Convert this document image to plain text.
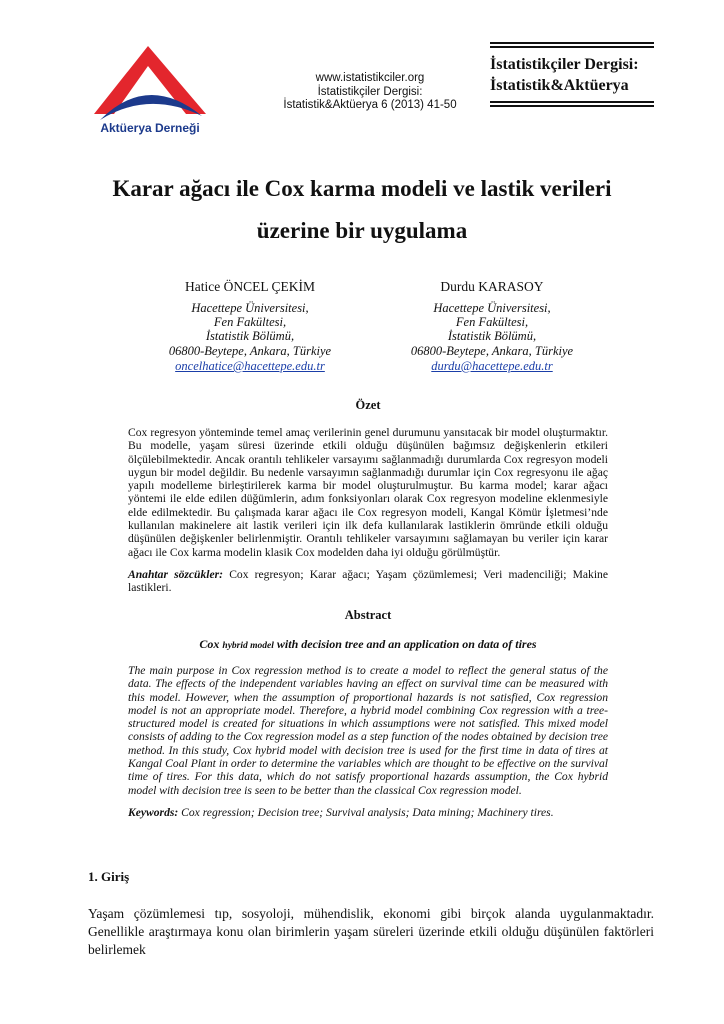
Aktüerya Derneği
www.istatistikciler.org
İstatistikçiler Dergisi:
İstatistik&Aktüerya 6 (2013) 41-50
İstatistikçiler Dergisi:
İstatistik&Aktüerya
Karar ağacı ile Cox karma modeli ve lastik verileri
üzerine bir uygulama
Hatice ÖNCEL ÇEKİM
Hacettepe Üniversitesi,
Fen Fakültesi,
İstatistik Bölümü,
06800-Beytepe, Ankara, Türkiye
oncelhatice@hacettepe.edu.tr
Durdu KARASOY
Hacettepe Üniversitesi,
Fen Fakültesi,
İstatistik Bölümü,
06800-Beytepe, Ankara, Türkiye
durdu@hacettepe.edu.tr
Özet
Cox regresyon yönteminde temel amaç verilerinin genel durumunu yansıtacak bir model oluşturmaktır. Bu modelle, yaşam süresi üzerinde etkili olduğu düşünülen bağımsız değişkenlerin etkileri ölçülebilmektedir. Ancak orantılı tehlikeler varsayımı sağlanmadığı durumlarda Cox regresyon modeli uygun bir model değildir. Bu nedenle varsayımın sağlanmadığı durumlar için Cox regresyonu ile ağaç yapılı modelleme birleştirilerek karma bir model oluşturulmuştur. Bu karma model; karar ağacı yöntemi ile elde edilen düğümlerin, adım fonksiyonları olarak Cox regresyon modeline eklenmesiyle elde edilmektedir. Bu çalışmada karar ağacı ile Cox regresyon modeli, Kangal Kömür İşletmesi’nde kullanılan makinelere ait lastik verileri için ilk defa kullanılarak lastiklerin ömründe etkili olduğu düşünülen değişkenler belirlenmiştir. Orantılı tehlikeler varsayımını sağlamayan bu veriler için karar ağacı ile Cox karma modelin klasik Cox modelden daha iyi olduğu görülmüştür.
Anahtar sözcükler: Cox regresyon; Karar ağacı; Yaşam çözümlemesi; Veri madenciliği; Makine lastikleri.
Abstract
Cox hybrid model with decision tree and an application on data of tires
The main purpose in Cox regression method is to create a model to reflect the general status of the data. The effects of the independent variables having an effect on survival time can be measured with this model. However, when the assumption of proportional hazards is not satisfied, Cox regression model is not an appropriate model. Therefore, a hybrid model combining Cox regression with a tree-structured model is created for situations in which assumptions were not satisfied. This mixed model consists of adding to the Cox regression model as a step function of the nodes obtained by decision tree method. In this study, Cox hybrid model with decision tree is used for the first time in data of tires at Kangal Coal Plant in order to determine the variables which are thought to be effective on the survival time of tires. For this data, which do not satisfy proportional hazards assumption, the Cox hybrid model with decision tree is seen to be better than the classical Cox regression model.
Keywords: Cox regression; Decision tree; Survival analysis; Data mining; Machinery tires.
1. Giriş
Yaşam çözümlemesi tıp, sosyoloji, mühendislik, ekonomi gibi birçok alanda uygulanmaktadır. Genellikle araştırmaya konu olan birimlerin yaşam süreleri üzerinde etkili olduğu düşünülen faktörleri belirlemek
